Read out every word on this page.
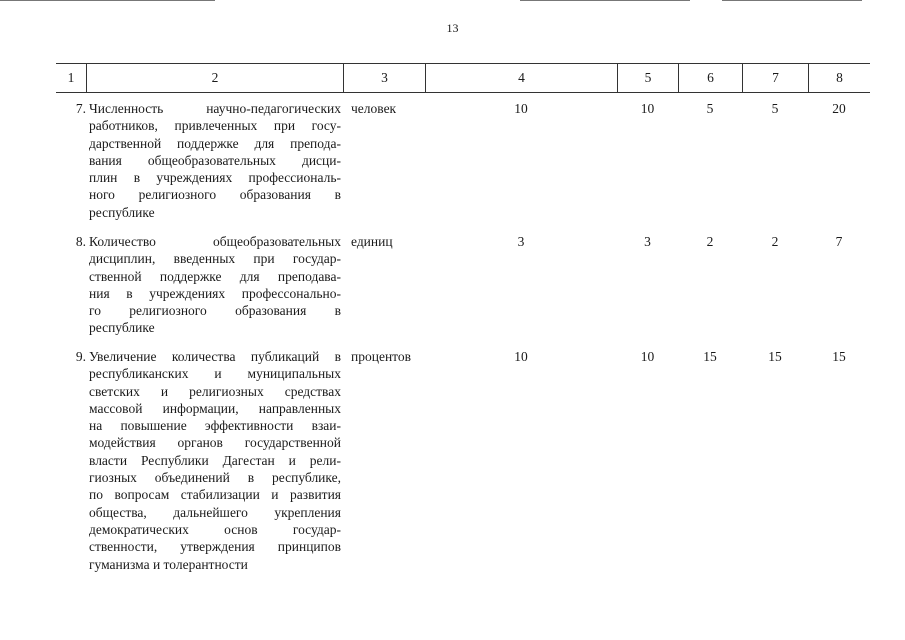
13
1	2	3	4	5	6	7	8
7. Численность научно-педагогических
работников, привлеченных при госу-
дарственной поддержке для препода-
вания общеобразовательных дисци-
плин в учреждениях профессиональ-
ного религиозного образования в
республике
человек	10	10	5	5	20
8. Количество общеобразовательных
дисциплин, введенных при государ-
ственной поддержке для преподава-
ния в учреждениях профессонально-
го религиозного образования в
республике
единиц	3	3	2	2	7
9. Увеличение количества публикаций в
республиканских и муниципальных
светских и религиозных средствах
массовой информации, направленных
на повышение эффективности взаи-
модействия органов государственной
власти Республики Дагестан и рели-
гиозных объединений в республике,
по вопросам стабилизации и развития
общества, дальнейшего укрепления
демократических основ государ-
ственности, утверждения принципов
гуманизма и толерантности
процентов	10	10	15	15	15
